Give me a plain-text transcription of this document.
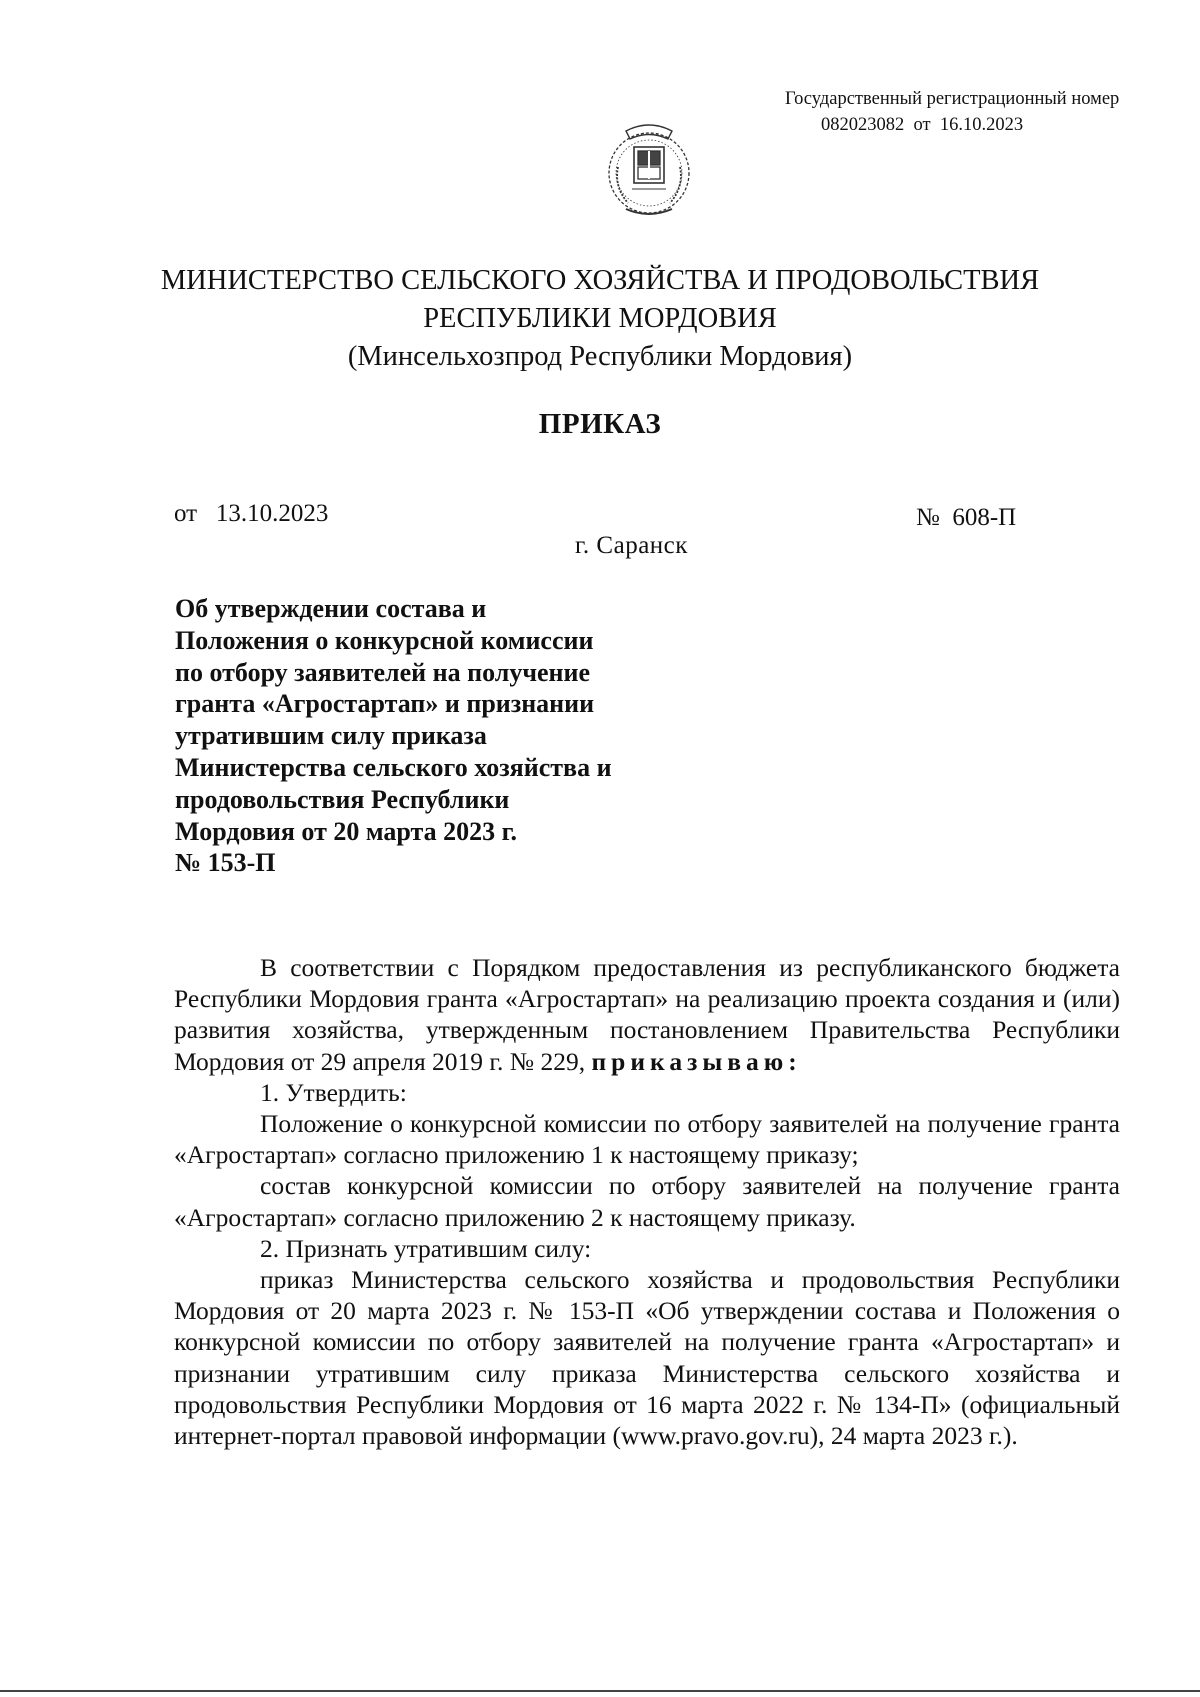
Государственный регистрационный номер
082023082  от  16.10.2023
МИНИСТЕРСТВО СЕЛЬСКОГО ХОЗЯЙСТВА И ПРОДОВОЛЬСТВИЯ
РЕСПУБЛИКИ МОРДОВИЯ
(Минсельхозпрод Республики Мордовия)
ПРИКАЗ
от   13.10.2023	№  608-П
г. Саранск
Об утверждении состава и
Положения о конкурсной комиссии
по отбору заявителей на получение
гранта «Агростартап» и признании
утратившим силу приказа
Министерства сельского хозяйства и
продовольствия Республики
Мордовия от 20 марта 2023 г.
№ 153-П
В соответствии с Порядком предоставления из республиканского бюджета Республики Мордовия гранта «Агростартап» на реализацию проекта создания и (или) развития хозяйства, утвержденным постановлением Правительства Республики Мордовия от 29 апреля 2019 г. № 229, приказываю:
1. Утвердить:
Положение о конкурсной комиссии по отбору заявителей на получение гранта «Агростартап» согласно приложению 1 к настоящему приказу;
состав конкурсной комиссии по отбору заявителей на получение гранта «Агростартап» согласно приложению 2 к настоящему приказу.
2. Признать утратившим силу:
приказ Министерства сельского хозяйства и продовольствия Республики Мордовия от 20 марта 2023 г. № 153-П «Об утверждении состава и Положения о конкурсной комиссии по отбору заявителей на получение гранта «Агростартап» и признании утратившим силу приказа Министерства сельского хозяйства и продовольствия Республики Мордовия от 16 марта 2022 г. № 134-П» (официальный интернет-портал правовой информации (www.pravo.gov.ru), 24 марта 2023 г.).
